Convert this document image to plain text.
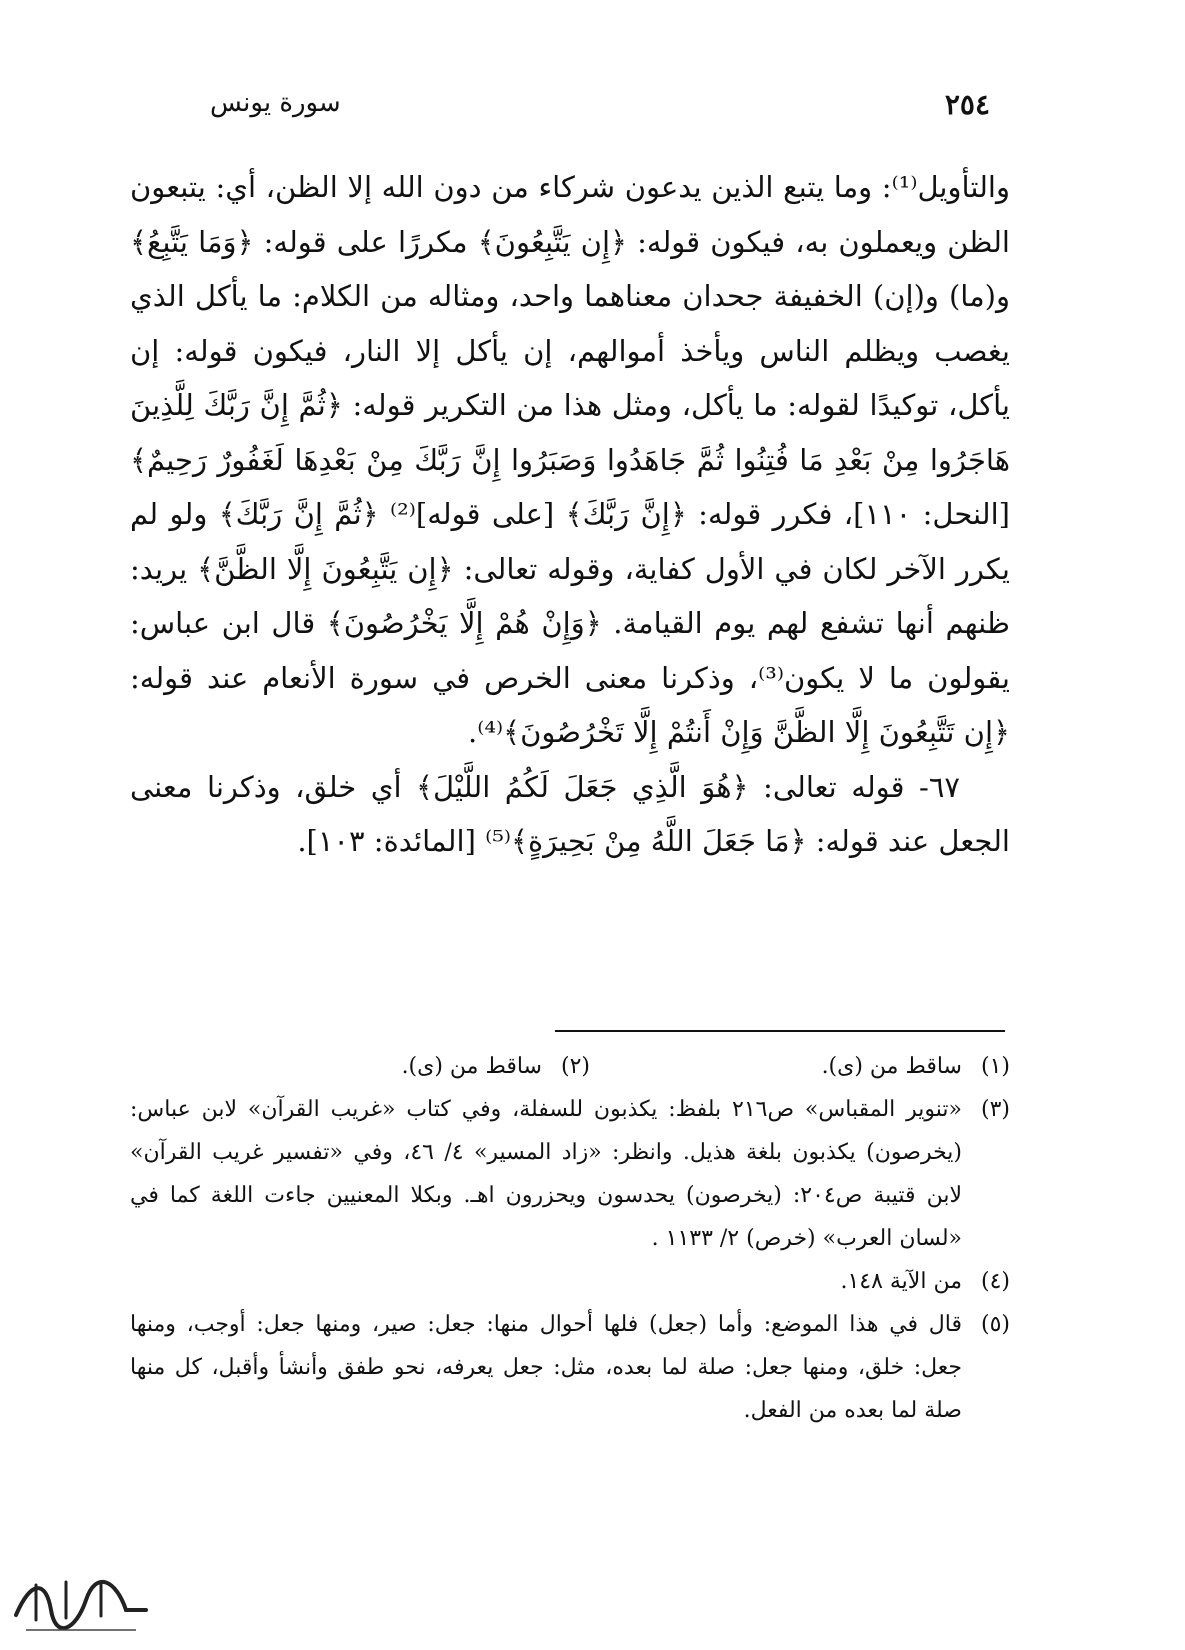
٢٥٤
سورة يونس

والتأويل⁽¹⁾: وما يتبع الذين يدعون شركاء من دون الله إلا الظن، أي: يتبعون الظن ويعملون به، فيكون قوله: ﴿إِن يَتَّبِعُونَ﴾ مكررًا على قوله: ﴿وَمَا يَتَّبِعُ﴾ و(ما) و(إن) الخفيفة جحدان معناهما واحد، ومثاله من الكلام: ما يأكل الذي يغصب ويظلم الناس ويأخذ أموالهم، إن يأكل إلا النار، فيكون قوله: إن يأكل، توكيدًا لقوله: ما يأكل، ومثل هذا من التكرير قوله: ﴿ثُمَّ إِنَّ رَبَّكَ لِلَّذِينَ هَاجَرُوا مِنْ بَعْدِ مَا فُتِنُوا ثُمَّ جَاهَدُوا وَصَبَرُوا إِنَّ رَبَّكَ مِنْ بَعْدِهَا لَغَفُورٌ رَحِيمٌ﴾ [النحل: ١١٠]، فكرر قوله: ﴿إِنَّ رَبَّكَ﴾ [على قوله]⁽²⁾ ﴿ثُمَّ إِنَّ رَبَّكَ﴾ ولو لم يكرر الآخر لكان في الأول كفاية، وقوله تعالى: ﴿إِن يَتَّبِعُونَ إِلَّا الظَّنَّ﴾ يريد: ظنهم أنها تشفع لهم يوم القيامة. ﴿وَإِنْ هُمْ إِلَّا يَخْرُصُونَ﴾ قال ابن عباس: يقولون ما لا يكون⁽³⁾، وذكرنا معنى الخرص في سورة الأنعام عند قوله: ﴿إِن تَتَّبِعُونَ إِلَّا الظَّنَّ وَإِنْ أَنتُمْ إِلَّا تَخْرُصُونَ﴾⁽⁴⁾.

٦٧- قوله تعالى: ﴿هُوَ الَّذِي جَعَلَ لَكُمُ اللَّيْلَ﴾ أي خلق، وذكرنا معنى الجعل عند قوله: ﴿مَا جَعَلَ اللَّهُ مِنْ بَحِيرَةٍ﴾⁽⁵⁾ [المائدة: ١٠٣].

(١)
ساقط من (ى).
(٢)
ساقط من (ى).
(٣)
«تنوير المقباس» ص٢١٦ بلفظ: يكذبون للسفلة، وفي كتاب «غريب القرآن» لابن عباس: (يخرصون) يكذبون بلغة هذيل. وانظر: «زاد المسير» ٤/ ٤٦، وفي «تفسير غريب القرآن» لابن قتيبة ص٢٠٤: (يخرصون) يحدسون ويحزرون اهـ. وبكلا المعنيين جاءت اللغة كما في «لسان العرب» (خرص) ٢/ ١١٣٣ .
(٤)
من الآية ١٤٨.
(٥)
قال في هذا الموضع: وأما (جعل) فلها أحوال منها: جعل: صير، ومنها جعل: أوجب، ومنها جعل: خلق، ومنها جعل: صلة لما بعده، مثل: جعل يعرفه، نحو طفق وأنشأ وأقبل، كل منها صلة لما بعده من الفعل.
